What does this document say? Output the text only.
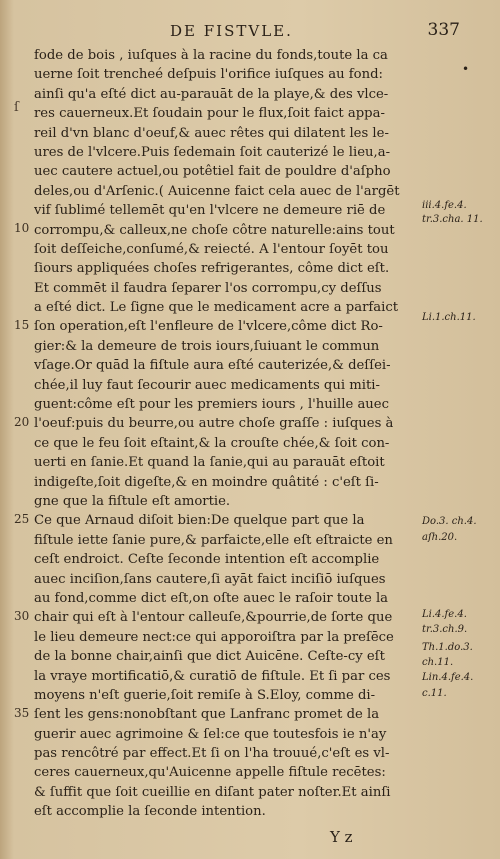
DE FISTVLE.	337
•
ſ
fode de bois , iuſques à la racine du fonds,toute la ca
uerne ſoit trencheé deſpuis l'orifice iuſques au fond:
ainſi qu'a eſté dict au-parauāt de la playe,& des vlce-
res cauerneux.Et ſoudain pour le flux,ſoit faict appa-
reil d'vn blanc d'oeuf,& auec rêtes qui dilatent les le-
ures de l'vlcere.Puis ſedemain ſoit cauterizé le lieu,a-
uec cautere actuel,ou potêtiel fait de pouldre d'aſpho
deles,ou d'Arſenic.( Auicenne faict cela auec de l'argēt
vif ſublimé tellemēt qu'en l'vlcere ne demeure riē de
corrompu,& calleux,ne choſe côtre naturelle:ains tout
ſoit deſſeiche,conſumé,& reiecté. A l'entour ſoyēt tou
ſiours appliquées choſes refrigerantes, côme dict eſt.
Et commēt il faudra ſeparer l'os corrompu,cy deſſus
a eſté dict. Le ſigne que le medicament acre a parfaict
ſon operation,eſt l'enfleure de l'vlcere,côme dict Ro-
gier:& la demeure de trois iours,ſuiuant le commun
vſage.Or quād la fiſtule aura eſté cauterizée,& deſſei-
chée,il luy faut ſecourir auec medicaments qui miti-
guent:côme eſt pour les premiers iours , l'huille auec
l'oeuf:puis du beurre,ou autre choſe graſſe : iuſques à
ce que le feu ſoit eſtaint,& la crouſte chée,& ſoit con-
uerti en ſanie.Et quand la ſanie,qui au parauāt eſtoit
indigeſte,ſoit digeſte,& en moindre quâtité : c'eſt ſi-
gne que la fiſtule eſt amortie.
Ce que Arnaud diſoit bien:De quelque part que la
fiſtule iette ſanie pure,& parfaicte,elle eſt eſtraicte en
ceſt endroict. Ceſte ſeconde intention eſt accomplie
auec inciſion,ſans cautere,ſi ayāt faict inciſiō iuſques
au fond,comme dict eſt,on oſte auec le raſoir toute la
chair qui eſt à l'entour calleuſe,&pourrie,de ſorte que
le lieu demeure nect:ce qui apporoiſtra par la preſēce
de la bonne chair,ainſi que dict Auicēne. Ceſte-cy eſt
la vraye mortificatiō,& curatiō de fiſtule. Et ſi par ces
moyens n'eſt guerie,ſoit remiſe à S.Eloy, comme di-
ſent les gens:nonobſtant que Lanfranc promet de la
guerir auec agrimoine & ſel:ce que toutesfois ie n'ay
pas rencôtré par effect.Et ſi on l'ha trouué,c'eſt es vl-
ceres cauerneux,qu'Auicenne appelle fiſtule recētes:
& ſuffit que ſoit cueillie en diſant pater noſter.Et ainſi
eſt accomplie la ſeconde intention.
10
15
20
25
30
35
iii.4.fe.4.
tr.3.cha. 11.
Li.1.ch.11.
Do.3. ch.4.
aſh.20.
Li.4.fe.4.
tr.3.ch.9.
Th.1.do.3.
ch.11.
Lin.4.fe.4.
c.11.
Y z
